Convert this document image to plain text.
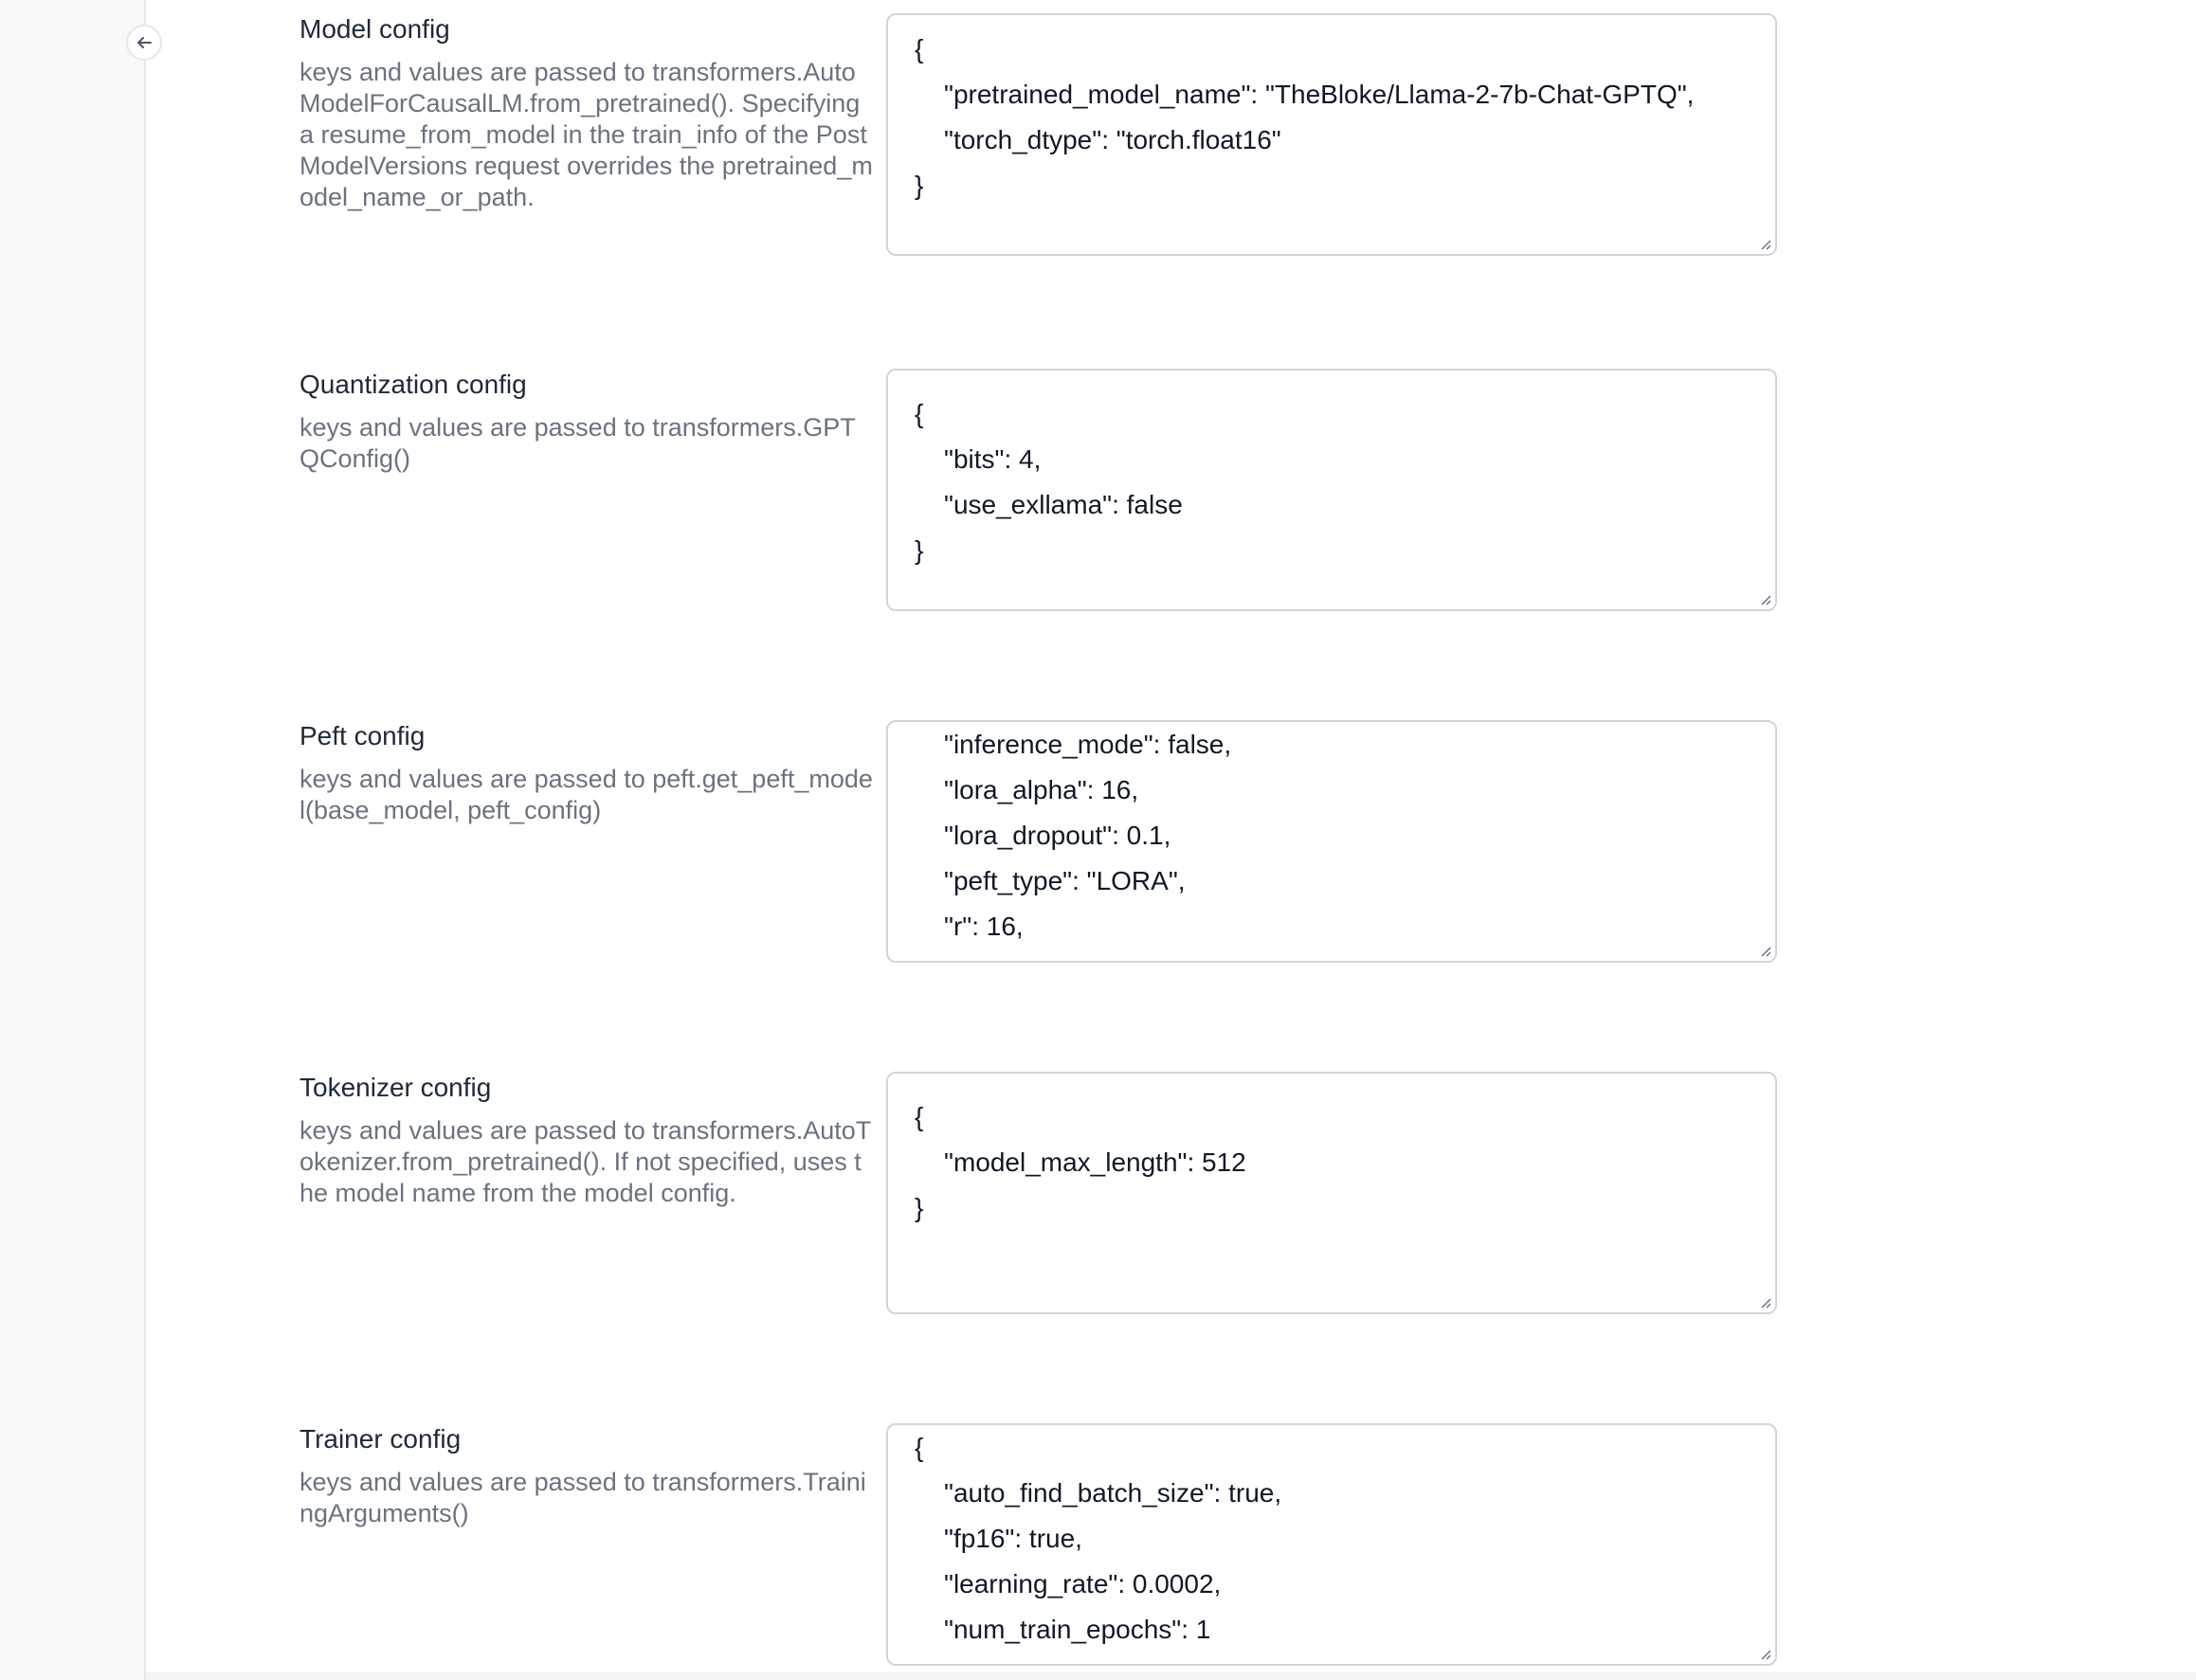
Model config
keys and values are passed to transformers.AutoModelForCausalLM.from_pretrained(). Specifying a resume_from_model in the train_info of the PostModelVersions request overrides the pretrained_model_name_or_path.
{
"pretrained_model_name": "TheBloke/Llama-2-7b-Chat-GPTQ",
"torch_dtype": "torch.float16"
}
Quantization config
keys and values are passed to transformers.GPTQConfig()
{
"bits": 4,
"use_exllama": false
}
Peft config
keys and values are passed to peft.get_peft_model(base_model, peft_config)
"inference_mode": false,
"lora_alpha": 16,
"lora_dropout": 0.1,
"peft_type": "LORA",
"r": 16,
Tokenizer config
keys and values are passed to transformers.AutoTokenizer.from_pretrained(). If not specified, uses the model name from the model config.
{
"model_max_length": 512
}
Trainer config
keys and values are passed to transformers.TrainingArguments()
{
"auto_find_batch_size": true,
"fp16": true,
"learning_rate": 0.0002,
"num_train_epochs": 1
